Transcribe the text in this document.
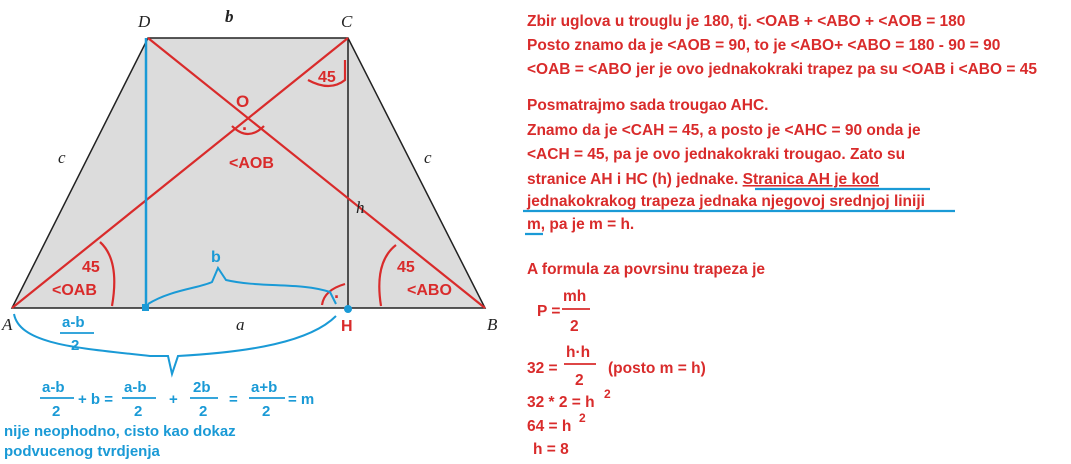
A	B
C
D	b
a
c	c
h
O
·
<AOB
45
45
<OAB
45
<ABO
·
H
b
a-b
2
a-b
2
+ b =
a-b
2
+
2b
2
=
a+b
2
= m
nije neophodno, cisto kao dokaz
podvucenog tvrdjenja
Zbir uglova u trouglu je 180, tj. <OAB + <ABO + <AOB = 180
Posto znamo da je <AOB = 90, to je <ABO+ <ABO = 180 - 90 = 90
<OAB = <ABO jer je ovo jednakokraki trapez pa su <OAB i <ABO = 45
Posmatrajmo sada trougao AHC.
Znamo da je <CAH = 45, a posto je <AHC = 90 onda je
<ACH = 45, pa je ovo jednakokraki trougao. Zato su
stranice AH i HC (h) jednake. Stranica AH je kod
jednakokrakog trapeza jednaka njegovoj srednjoj liniji
m, pa je m = h.
A formula za povrsinu trapeza je
P =
mh
2
32 =
h·h
2
(posto m = h)
32 * 2 = h 2
64 = h 2
h = 8
